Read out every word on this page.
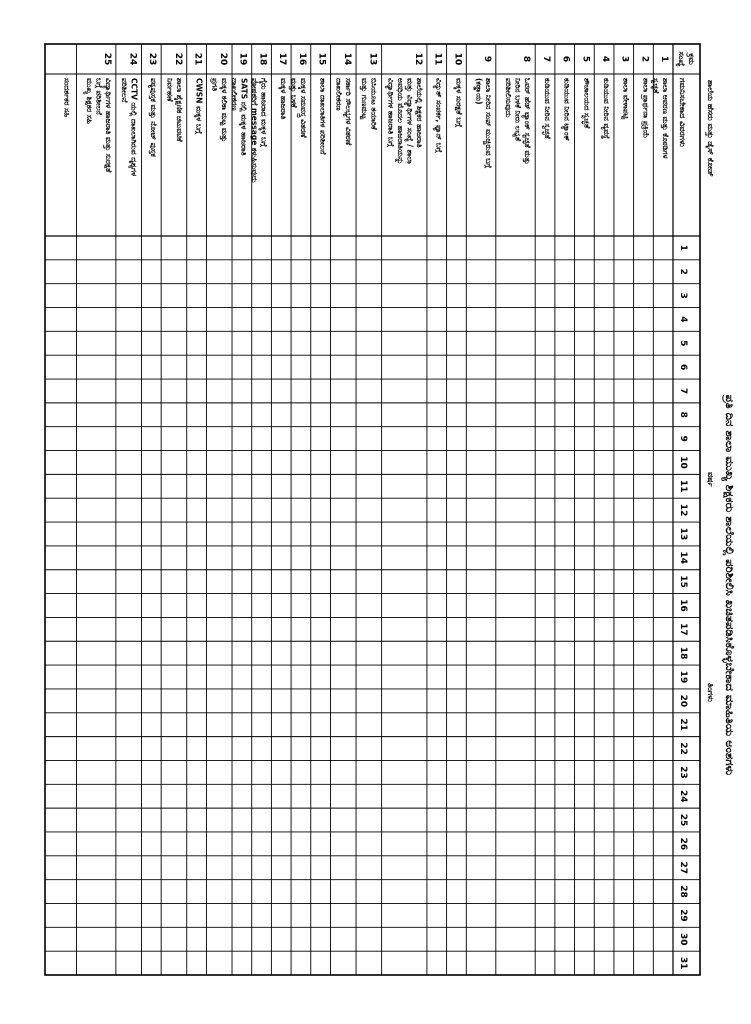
ಪ್ರತಿ ದಿನ ಶಾಲಾ ಮುಖ್ಯ ಶಿಕ್ಷಕರು ಶಾಲೆಯಲ್ಲಿ ಪರಿಶೀಲಿಸಿ ಖಚಿತಪಡಿಸಿಕೊಳ್ಳಬೇಕಾದ ಮಾಹಿತಿಯ ಅಂಶಗಳು
ಶಾಲೆಯ ಹೆಸರು ಮತ್ತು ಡೈಸ್ ಕೋಡ್
ವರ್ಷ
ತಿಂಗಳು
ಕ್ರಮ
ಸಂಖ್ಯೆ
ಗಮನಿಸಬೇಕಾದ ವಿವರಗಳು
1
2
3
4
5
6
7
8
9
10
11
12
13
14
15
16
17
18
19
20
21
22
23
24
25
26
27
28
29
30
31
1
ಶಾಲಾ ಆವರಣ ಮತ್ತು ಕೊಠಡಿಗಳ
ಸ್ವಚ್ಛತೆ
2
ಶಾಲಾ ಪ್ರಾರ್ಥನಾ ಪ್ರಕ್ರಿಯೆ
3
ಶಾಲಾ ವೇಳಾಪಟ್ಟಿ
4
ಕುಡಿಯುವ ನೀರಿನ ವ್ಯವಸ್ಥೆ
5
ಶೌಚಾಲಯದ ಸ್ವಚ್ಛತೆ
6
ಕುಡಿಯುವ ನೀರಿನ ಟ್ಯಾಂಕ್
7
ಕುಡಿಯುವ ನೀರಿನ ಸ್ವಚ್ಛತೆ
8
ಓವರ್ ಹೆಡ್ ಟ್ಯಾಂಕ್ ಸ್ವಚ್ಛತೆ ಮತ್ತು
ನೀರಿನ ಬಳಕೆ ನೀರು ಲಭ್ಯತೆ
ಪರಿಶೀಲಿಸುವುದು
9
ಶಾಲಾ ನೀರಿನ ಸಂಪ್ ಮುಚ್ಚಿರುವ ಬಗ್ಗೆ
(ಕಡ್ಡಾಯ)
10
ಮಕ್ಕಳ ಸುರಕ್ಷತೆ ಬಗ್ಗೆ
11
ವಿದ್ಯುತ್ ಸಂಪರ್ಕ, ಫ್ಯಾನ್ ಬಗ್ಗೆ
12
ಶಾಲೆಯಲ್ಲಿ ಶಿಕ್ಷಕರ ಹಾಜರಾತಿ
ಮತ್ತು ವಿದ್ಯಾರ್ಥಿಗಳ ಸಂಖ್ಯೆ / ಶಾಲಾ
ಅವಧಿಯ ಮೊದಲ ಹಾಜರಾತಿಯನ್ನು
ವಿದ್ಯಾರ್ಥಿಗಳ ಹಾಜರಾತಿ ಬಗ್ಗೆ
13
ಬಿಸಿಯೂಟ ತಯಾರಿಕೆ
ಮತ್ತು ಗುಣಮಟ್ಟ
14
ಸರ್ಕಾರಿ ಸೌಲಭ್ಯಗಳ ವಿತರಣೆ
ದಾಖಲೀಕರಣ
15
ಶಾಲಾ ದಾಖಲಾತಿಗಳ ಪರಿಶೀಲನೆ
16
ಮಕ್ಕಳ ಸಮವಸ್ತ್ರ ವಿತರಣೆ
ಮತ್ತು ಬಳಕೆ
17
ಮಕ್ಕಳ ಹಾಜರಾತಿ
18
ಗೈರು ಹಾಜರಾದ ಮಕ್ಕಳ ಬಗ್ಗೆ
ಪೋಷಕರಿಗೆ message ಕಳುಹಿಸುವುದು
19
SATS ನಲ್ಲಿ ಮಕ್ಕಳ ಹಾಜರಾತಿ
ದಾಖಲೀಕರಣ
20
ಮಕ್ಕಳ ಕಲಿಕಾ ಮಟ್ಟ ಮತ್ತು
ಪ್ರಗತಿ
21
CWSN ಮಕ್ಕಳ ಬಗ್ಗೆ
22
ಶಾಲಾ ಶೈಕ್ಷಣಿಕ ಚಟುವಟಿಕೆ
ನಿರ್ವಹಣೆ
23
ಪಠ್ಯಪುಸ್ತಕ ಮತ್ತು ನೋಟ್ ಪುಸ್ತಕ
24
CCTV ಯಲ್ಲಿ ದಾಖಲಾಗಿರುವ ದೃಶ್ಯಗಳ
ಪರಿಶೀಲನೆ
25
ವಿದ್ಯಾರ್ಥಿಗಳ ಹಾಜರಾತಿ ಮತ್ತು ಸುರಕ್ಷತೆ
ಬಗ್ಗೆ ಪರಿಶೀಲನೆ
ಮುಖ್ಯ ಶಿಕ್ಷಕರ ಸಹಿ
ಸಂದರ್ಶಕರ ಸಹಿ
